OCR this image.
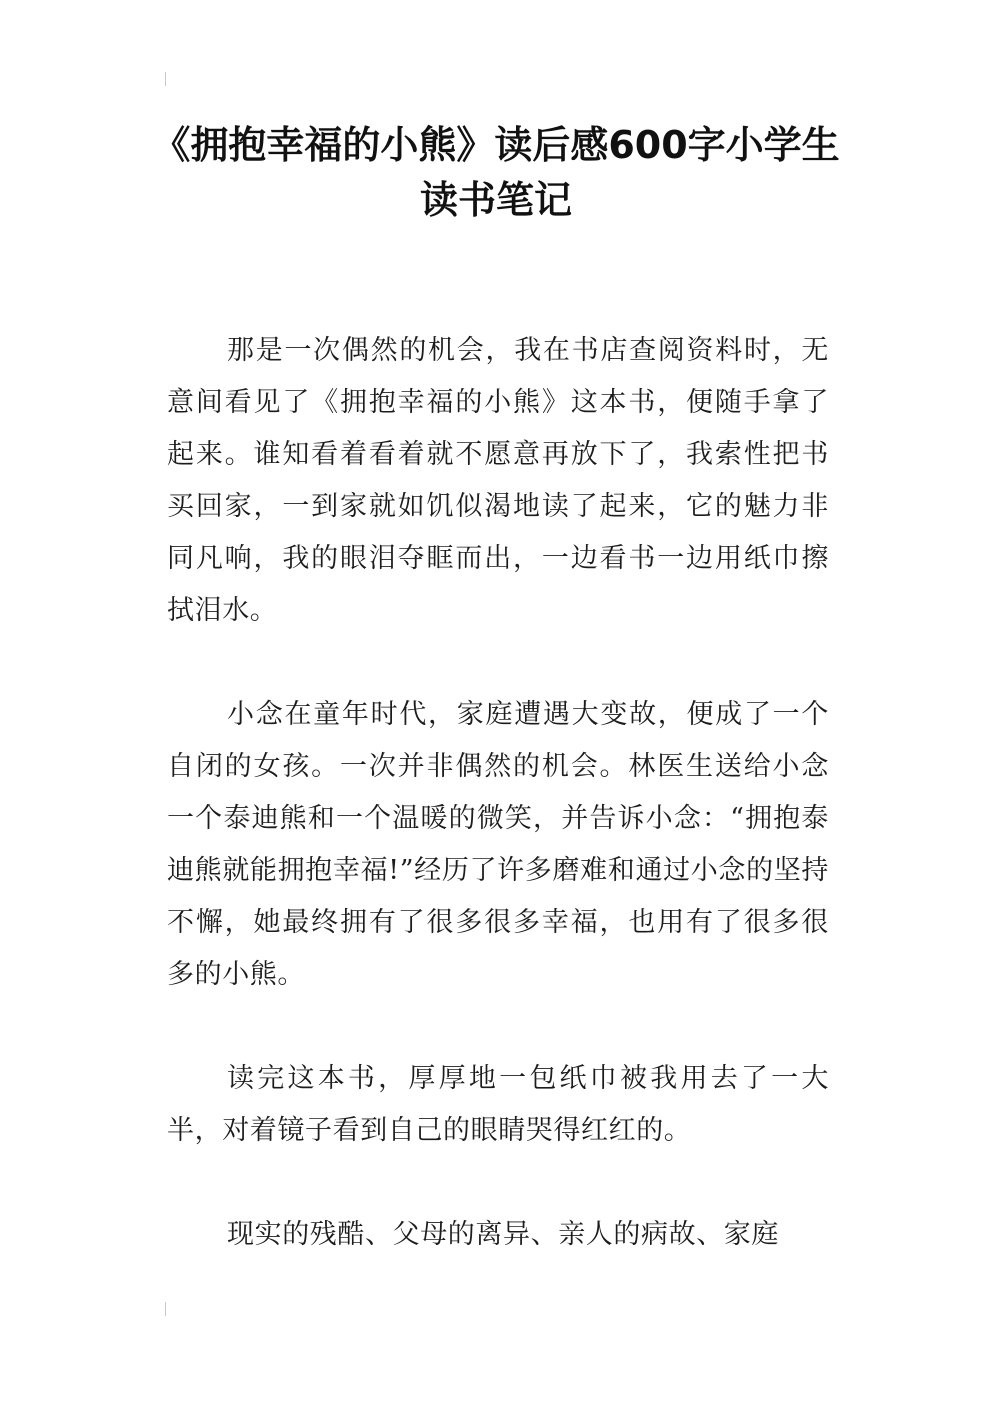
《拥抱幸福的小熊》读后感600字小学生读书笔记

那是一次偶然的机会，我在书店查阅资料时，无意间看见了《拥抱幸福的小熊》这本书，便随手拿了起来。谁知看着看着就不愿意再放下了，我索性把书买回家，一到家就如饥似渴地读了起来，它的魅力非同凡响，我的眼泪夺眶而出，一边看书一边用纸巾擦拭泪水。

小念在童年时代，家庭遭遇大变故，便成了一个自闭的女孩。一次并非偶然的机会。林医生送给小念一个泰迪熊和一个温暖的微笑，并告诉小念：“拥抱泰迪熊就能拥抱幸福!”经历了许多磨难和通过小念的坚持不懈，她最终拥有了很多很多幸福，也用有了很多很多的小熊。

读完这本书，厚厚地一包纸巾被我用去了一大半，对着镜子看到自己的眼睛哭得红红的。

现实的残酷、父母的离异、亲人的病故、家庭
